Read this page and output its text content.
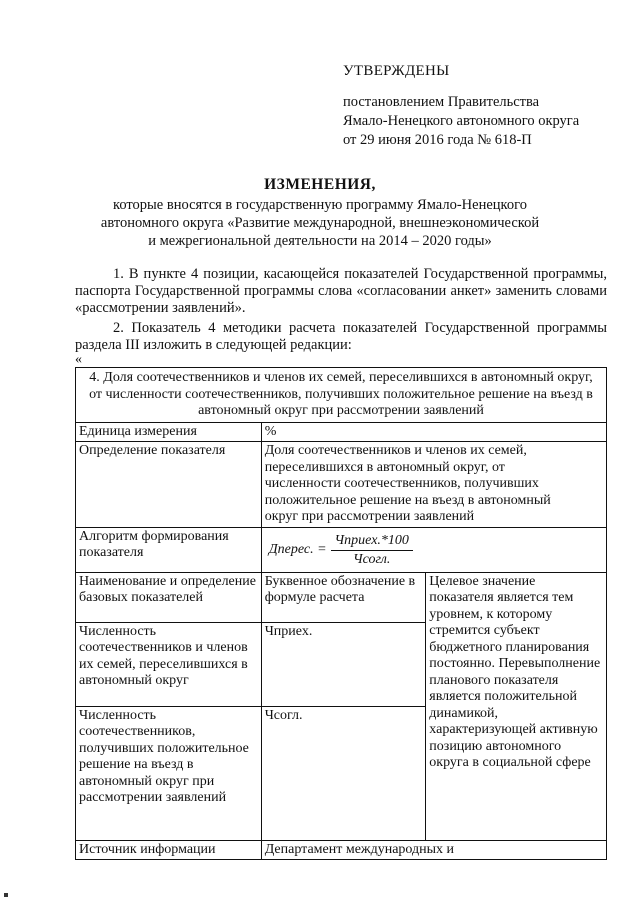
УТВЕРЖДЕНЫ
постановлением Правительства
Ямало-Ненецкого автономного округа
от 29 июня 2016 года № 618-П
ИЗМЕНЕНИЯ,
которые вносятся в государственную программу Ямало-Ненецкого
автономного округа «Развитие международной, внешнеэкономической
и межрегиональной деятельности на 2014 – 2020 годы»
1. В пункте 4 позиции, касающейся показателей Государственной программы, паспорта Государственной программы слова «согласовании анкет» заменить словами «рассмотрении заявлений».
2. Показатель 4 методики расчета показателей Государственной программы раздела III изложить в следующей редакции:
«
4. Доля соотечественников и членов их семей, переселившихся в автономный округ, от численности соотечественников, получивших положительное решение на въезд в автономный округ при рассмотрении заявлений		
Единица измерения	%	
Определение показателя	Доля соотечественников и членов их семей, переселившихся в автономный округ, от численности соотечественников, получивших положительное решение на въезд в автономный округ при рассмотрении заявлений	
Алгоритм формирования показателя	Дперес. = $\frac{\text{Чприех.*100}}{\text{Чсогл.}}$

Наименование и определение базовых показателей	Буквенное обозначение в формуле расчета	Целевое значение показателя является тем уровнем, к которому стремится субъект бюджетного планирования постоянно. Перевыполнение планового показателя является положительной динамикой, характеризующей активную позицию автономного округа в социальной сфере
Численность соотечественников и членов их семей, переселившихся в автономный округ	Чприех.	
Численность соотечественников, получивших положительное решение на въезд в автономный округ при рассмотрении заявлений	Чсогл.	
Источник информации	Департамент международных и	
